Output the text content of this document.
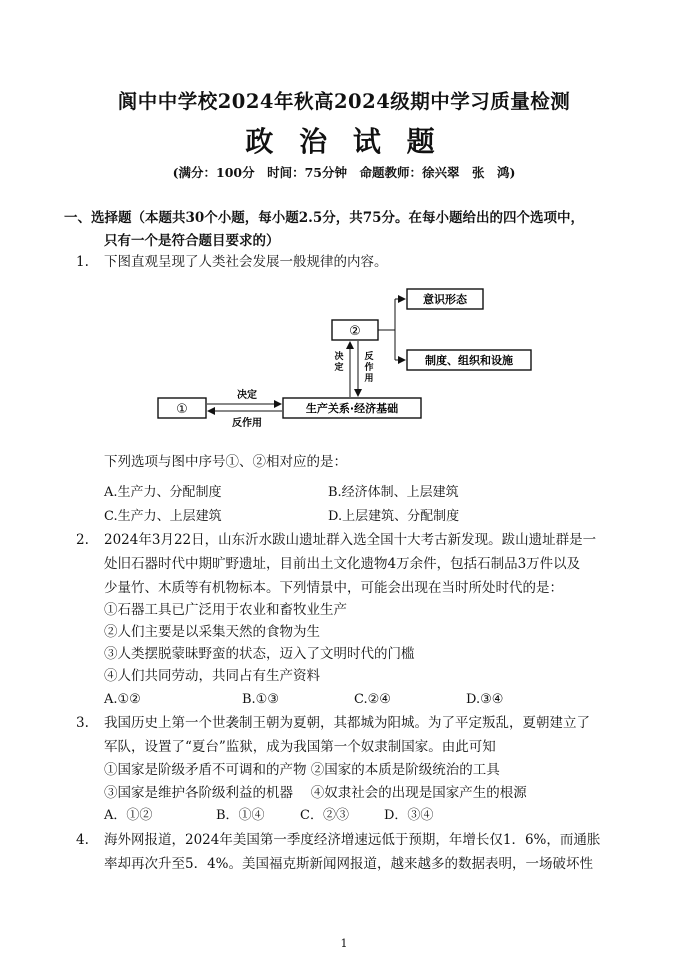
阆中中学校2024年秋高2024级期中学习质量检测
政 治 试 题
(满分：100分　时间：75分钟　命题教师：徐兴翠　张　鸿)
一、选择题（本题共30个小题，每小题2.5分，共75分。在每小题给出的四个选项中，
只有一个是符合题目要求的）
1. 下图直观呈现了人类社会发展一般规律的内容。
①	生产关系·经济基础
决定
反作用
②
决
定
反
作
用
意识形态
制度、组织和设施
下列选项与图中序号①、②相对应的是：
A.生产力、分配制度	B.经济体制、上层建筑
C.生产力、上层建筑	D.上层建筑、分配制度
2. 2024年3月22日，山东沂水跋山遗址群入选全国十大考古新发现。跋山遗址群是一
处旧石器时代中期旷野遗址，目前出土文化遗物4万余件，包括石制品3万件以及
少量竹、木质等有机物标本。下列情景中，可能会出现在当时所处时代的是：
①石器工具已广泛用于农业和畜牧业生产
②人们主要是以采集天然的食物为生
③人类摆脱蒙昧野蛮的状态，迈入了文明时代的门槛
④人们共同劳动，共同占有生产资料
A.①②	B.①③	C.②④	D.③④
3. 我国历史上第一个世袭制王朝为夏朝，其都城为阳城。为了平定叛乱，夏朝建立了
军队，设置了“夏台”监狱，成为我国第一个奴隶制国家。由此可知
①国家是阶级矛盾不可调和的产物 ②国家的本质是阶级统治的工具
③国家是维护各阶级利益的机器　 ④奴隶社会的出现是国家产生的根源
A．①②	B．①④	C．②③	D．③④
4. 海外网报道，2024年美国第一季度经济增速远低于预期，年增长仅1．6%，而通胀
率却再次升至5．4%。美国福克斯新闻网报道，越来越多的数据表明，一场破坏性
1
